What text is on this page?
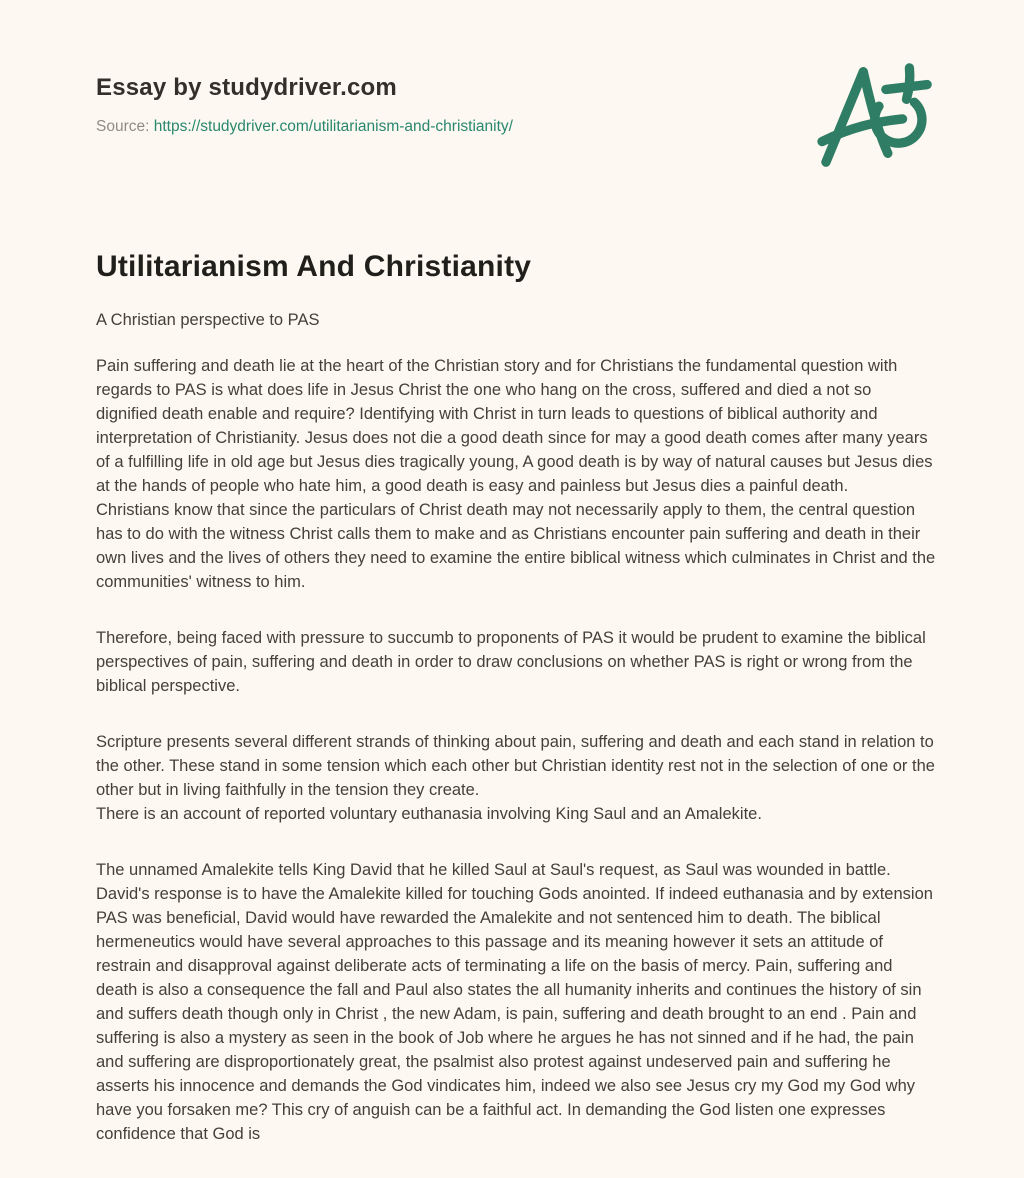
Essay by studydriver.com

Source: https://studydriver.com/utilitarianism-and-christianity/

Utilitarianism And Christianity

A Christian perspective to PAS

Pain suffering and death lie at the heart of the Christian story and for Christians the fundamental question with regards to PAS is what does life in Jesus Christ the one who hang on the cross, suffered and died a not so dignified death enable and require? Identifying with Christ in turn leads to questions of biblical authority and interpretation of Christianity. Jesus does not die a good death since for may a good death comes after many years of a fulfilling life in old age but Jesus dies tragically young, A good death is by way of natural causes but Jesus dies at the hands of people who hate him, a good death is easy and painless but Jesus dies a painful death.
Christians know that since the particulars of Christ death may not necessarily apply to them, the central question has to do with the witness Christ calls them to make and as Christians encounter pain suffering and death in their own lives and the lives of others they need to examine the entire biblical witness which culminates in Christ and the communities' witness to him.
Therefore, being faced with pressure to succumb to proponents of PAS it would be prudent to examine the biblical perspectives of pain, suffering and death in order to draw conclusions on whether PAS is right or wrong from the biblical perspective.
Scripture presents several different strands of thinking about pain, suffering and death and each stand in relation to the other. These stand in some tension which each other but Christian identity rest not in the selection of one or the other but in living faithfully in the tension they create.
There is an account of reported voluntary euthanasia involving King Saul and an Amalekite.
The unnamed Amalekite tells King David that he killed Saul at Saul's request, as Saul was wounded in battle. David's response is to have the Amalekite killed for touching Gods anointed. If indeed euthanasia and by extension PAS was beneficial, David would have rewarded the Amalekite and not sentenced him to death. The biblical hermeneutics would have several approaches to this passage and its meaning however it sets an attitude of restrain and disapproval against deliberate acts of terminating a life on the basis of mercy. Pain, suffering and death is also a consequence the fall and Paul also states the all humanity inherits and continues the history of sin and suffers death though only in Christ , the new Adam, is pain, suffering and death brought to an end . Pain and suffering is also a mystery as seen in the book of Job where he argues he has not sinned and if he had, the pain and suffering are disproportionately great, the psalmist also protest against undeserved pain and suffering he asserts his innocence and demands the God vindicates him, indeed we also see Jesus cry my God my God why have you forsaken me? This cry of anguish can be a faithful act. In demanding the God listen one expresses confidence that God is
